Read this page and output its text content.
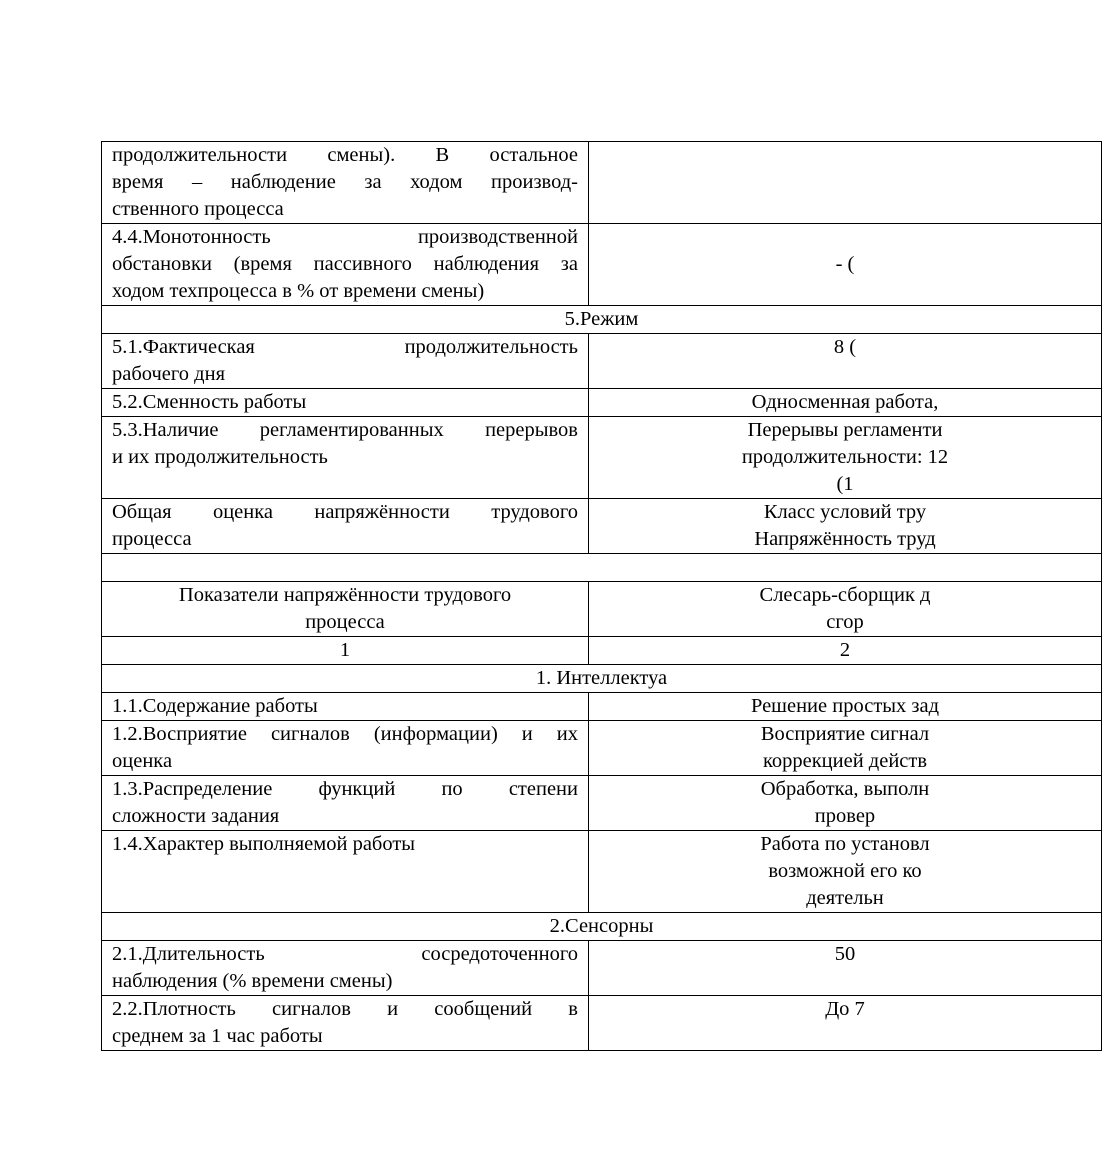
продолжительности смены). В остальное
время – наблюдение за ходом производ-
ственного процесса	

4.4.Монотонность производственной
обстановки (время пассивного наблюдения за
ходом техпроцесса в % от времени смены)	- (

5.Режим	

5.1.Фактическая продолжительность
рабочего дня	8 (

5.2.Сменность работы	Односменная работа,

5.3.Наличие регламентированных перерывов
и их продолжительность	Перерывы регламенти
продолжительности: 12
(1

Общая оценка напряжённости трудового
процесса	Класс условий тру
Напряжённость труд

Показатели напряжённости трудового
процесса	Слесарь-сборщик д
сгор

1	2
1. Интеллектуа	

1.1.Содержание работы	Решение простых зад

1.2.Восприятие сигналов (информации) и их
оценка	Восприятие сигнал
коррекцией действ

1.3.Распределение функций по степени
сложности задания	Обработка, выполн
провер

1.4.Характер выполняемой работы	Работа по установл
возможной его ко
деятельн

2.Сенсорны	

2.1.Длительность сосредоточенного
наблюдения (% времени смены)	50

2.2.Плотность сигналов и сообщений в
среднем за 1 час работы	До 7
